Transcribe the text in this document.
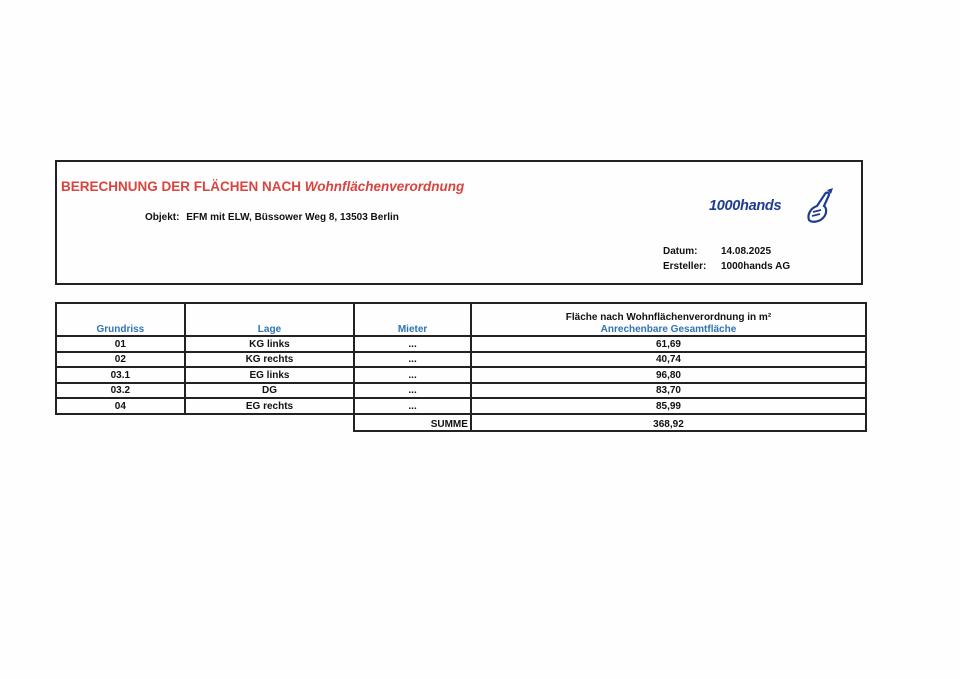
BERECHNUNG DER FLÄCHEN NACH Wohnflächenverordnung
Objekt: EFM mit ELW, Büssower Weg 8, 13503 Berlin
1000hands
Datum:	14.08.2025
Ersteller:	1000hands AG
Grundriss	Lage	Mieter	Fläche nach Wohnflächenverordnung in m²
Anrechenbare Gesamtfläche

01	KG links	...	61,69
02	KG rechts	...	40,74
03.1	EG links	...	96,80
03.2	DG	...	83,70
04	EG rechts	...	85,99
		SUMME	368,92
